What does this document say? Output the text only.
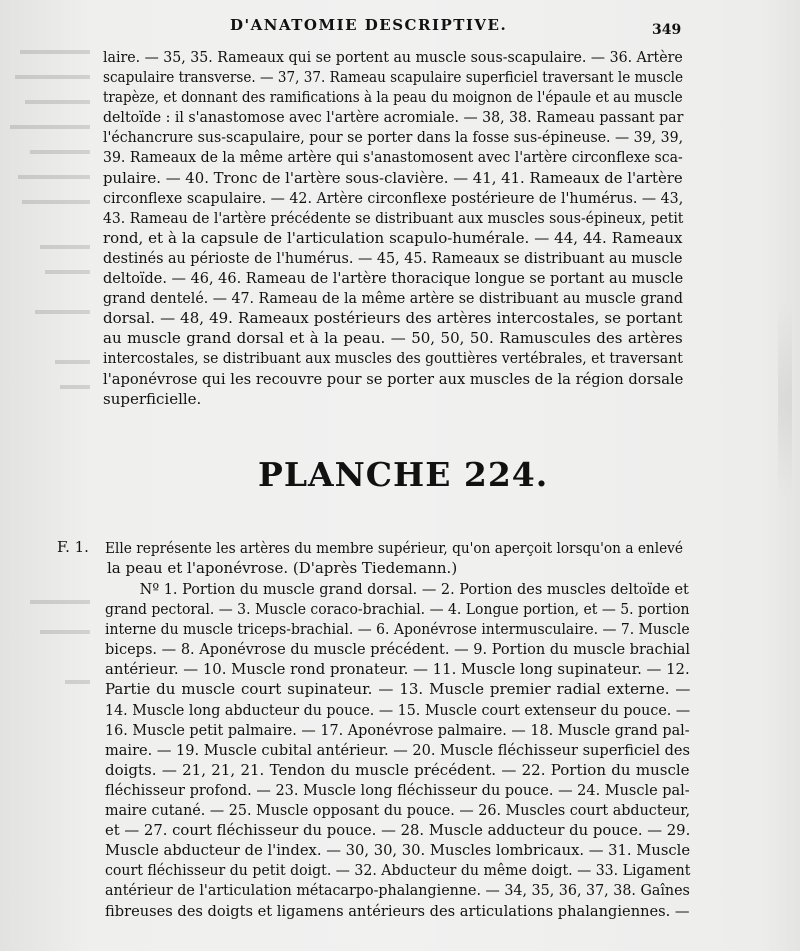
D'ANATOMIE DESCRIPTIVE.	349
laire. — 35, 35. Rameaux qui se portent au muscle sous-scapulaire. — 36. Artère
scapulaire transverse. — 37, 37. Rameau scapulaire superficiel traversant le muscle
trapèze, et donnant des ramifications à la peau du moignon de l'épaule et au muscle
deltoïde : il s'anastomose avec l'artère acromiale. — 38, 38. Rameau passant par
l'échancrure sus-scapulaire, pour se porter dans la fosse sus-épineuse. — 39, 39,
39. Rameaux de la même artère qui s'anastomosent avec l'artère circonflexe sca-
pulaire. — 40. Tronc de l'artère sous-clavière. — 41, 41. Rameaux de l'artère
circonflexe scapulaire. — 42. Artère circonflexe postérieure de l'humérus. — 43,
43. Rameau de l'artère précédente se distribuant aux muscles sous-épineux, petit
rond, et à la capsule de l'articulation scapulo-humérale. — 44, 44. Rameaux
destinés au périoste de l'humérus. — 45, 45. Rameaux se distribuant au muscle
deltoïde. — 46, 46. Rameau de l'artère thoracique longue se portant au muscle
grand dentelé. — 47. Rameau de la même artère se distribuant au muscle grand
dorsal. — 48, 49. Rameaux postérieurs des artères intercostales, se portant
au muscle grand dorsal et à la peau. — 50, 50, 50. Ramuscules des artères
intercostales, se distribuant aux muscles des gouttières vertébrales, et traversant
l'aponévrose qui les recouvre pour se porter aux muscles de la région dorsale
superficielle.
PLANCHE 224.
F. 1.	Elle représente les artères du membre supérieur, qu'on aperçoit lorsqu'on a enlevé
la peau et l'aponévrose. (D'après Tiedemann.)
Nº 1. Portion du muscle grand dorsal. — 2. Portion des muscles deltoïde et
grand pectoral. — 3. Muscle coraco-brachial. — 4. Longue portion, et — 5. portion
interne du muscle triceps-brachial. — 6. Aponévrose intermusculaire. — 7. Muscle
biceps. — 8. Aponévrose du muscle précédent. — 9. Portion du muscle brachial
antérieur. — 10. Muscle rond pronateur. — 11. Muscle long supinateur. — 12.
Partie du muscle court supinateur. — 13. Muscle premier radial externe. —
14. Muscle long abducteur du pouce. — 15. Muscle court extenseur du pouce. —
16. Muscle petit palmaire. — 17. Aponévrose palmaire. — 18. Muscle grand pal-
maire. — 19. Muscle cubital antérieur. — 20. Muscle fléchisseur superficiel des
doigts. — 21, 21, 21. Tendon du muscle précédent. — 22. Portion du muscle
fléchisseur profond. — 23. Muscle long fléchisseur du pouce. — 24. Muscle pal-
maire cutané. — 25. Muscle opposant du pouce. — 26. Muscles court abducteur,
et — 27. court fléchisseur du pouce. — 28. Muscle adducteur du pouce. — 29.
Muscle abducteur de l'index. — 30, 30, 30. Muscles lombricaux. — 31. Muscle
court fléchisseur du petit doigt. — 32. Abducteur du même doigt. — 33. Ligament
antérieur de l'articulation métacarpo-phalangienne. — 34, 35, 36, 37, 38. Gaînes
fibreuses des doigts et ligamens antérieurs des articulations phalangiennes. —
